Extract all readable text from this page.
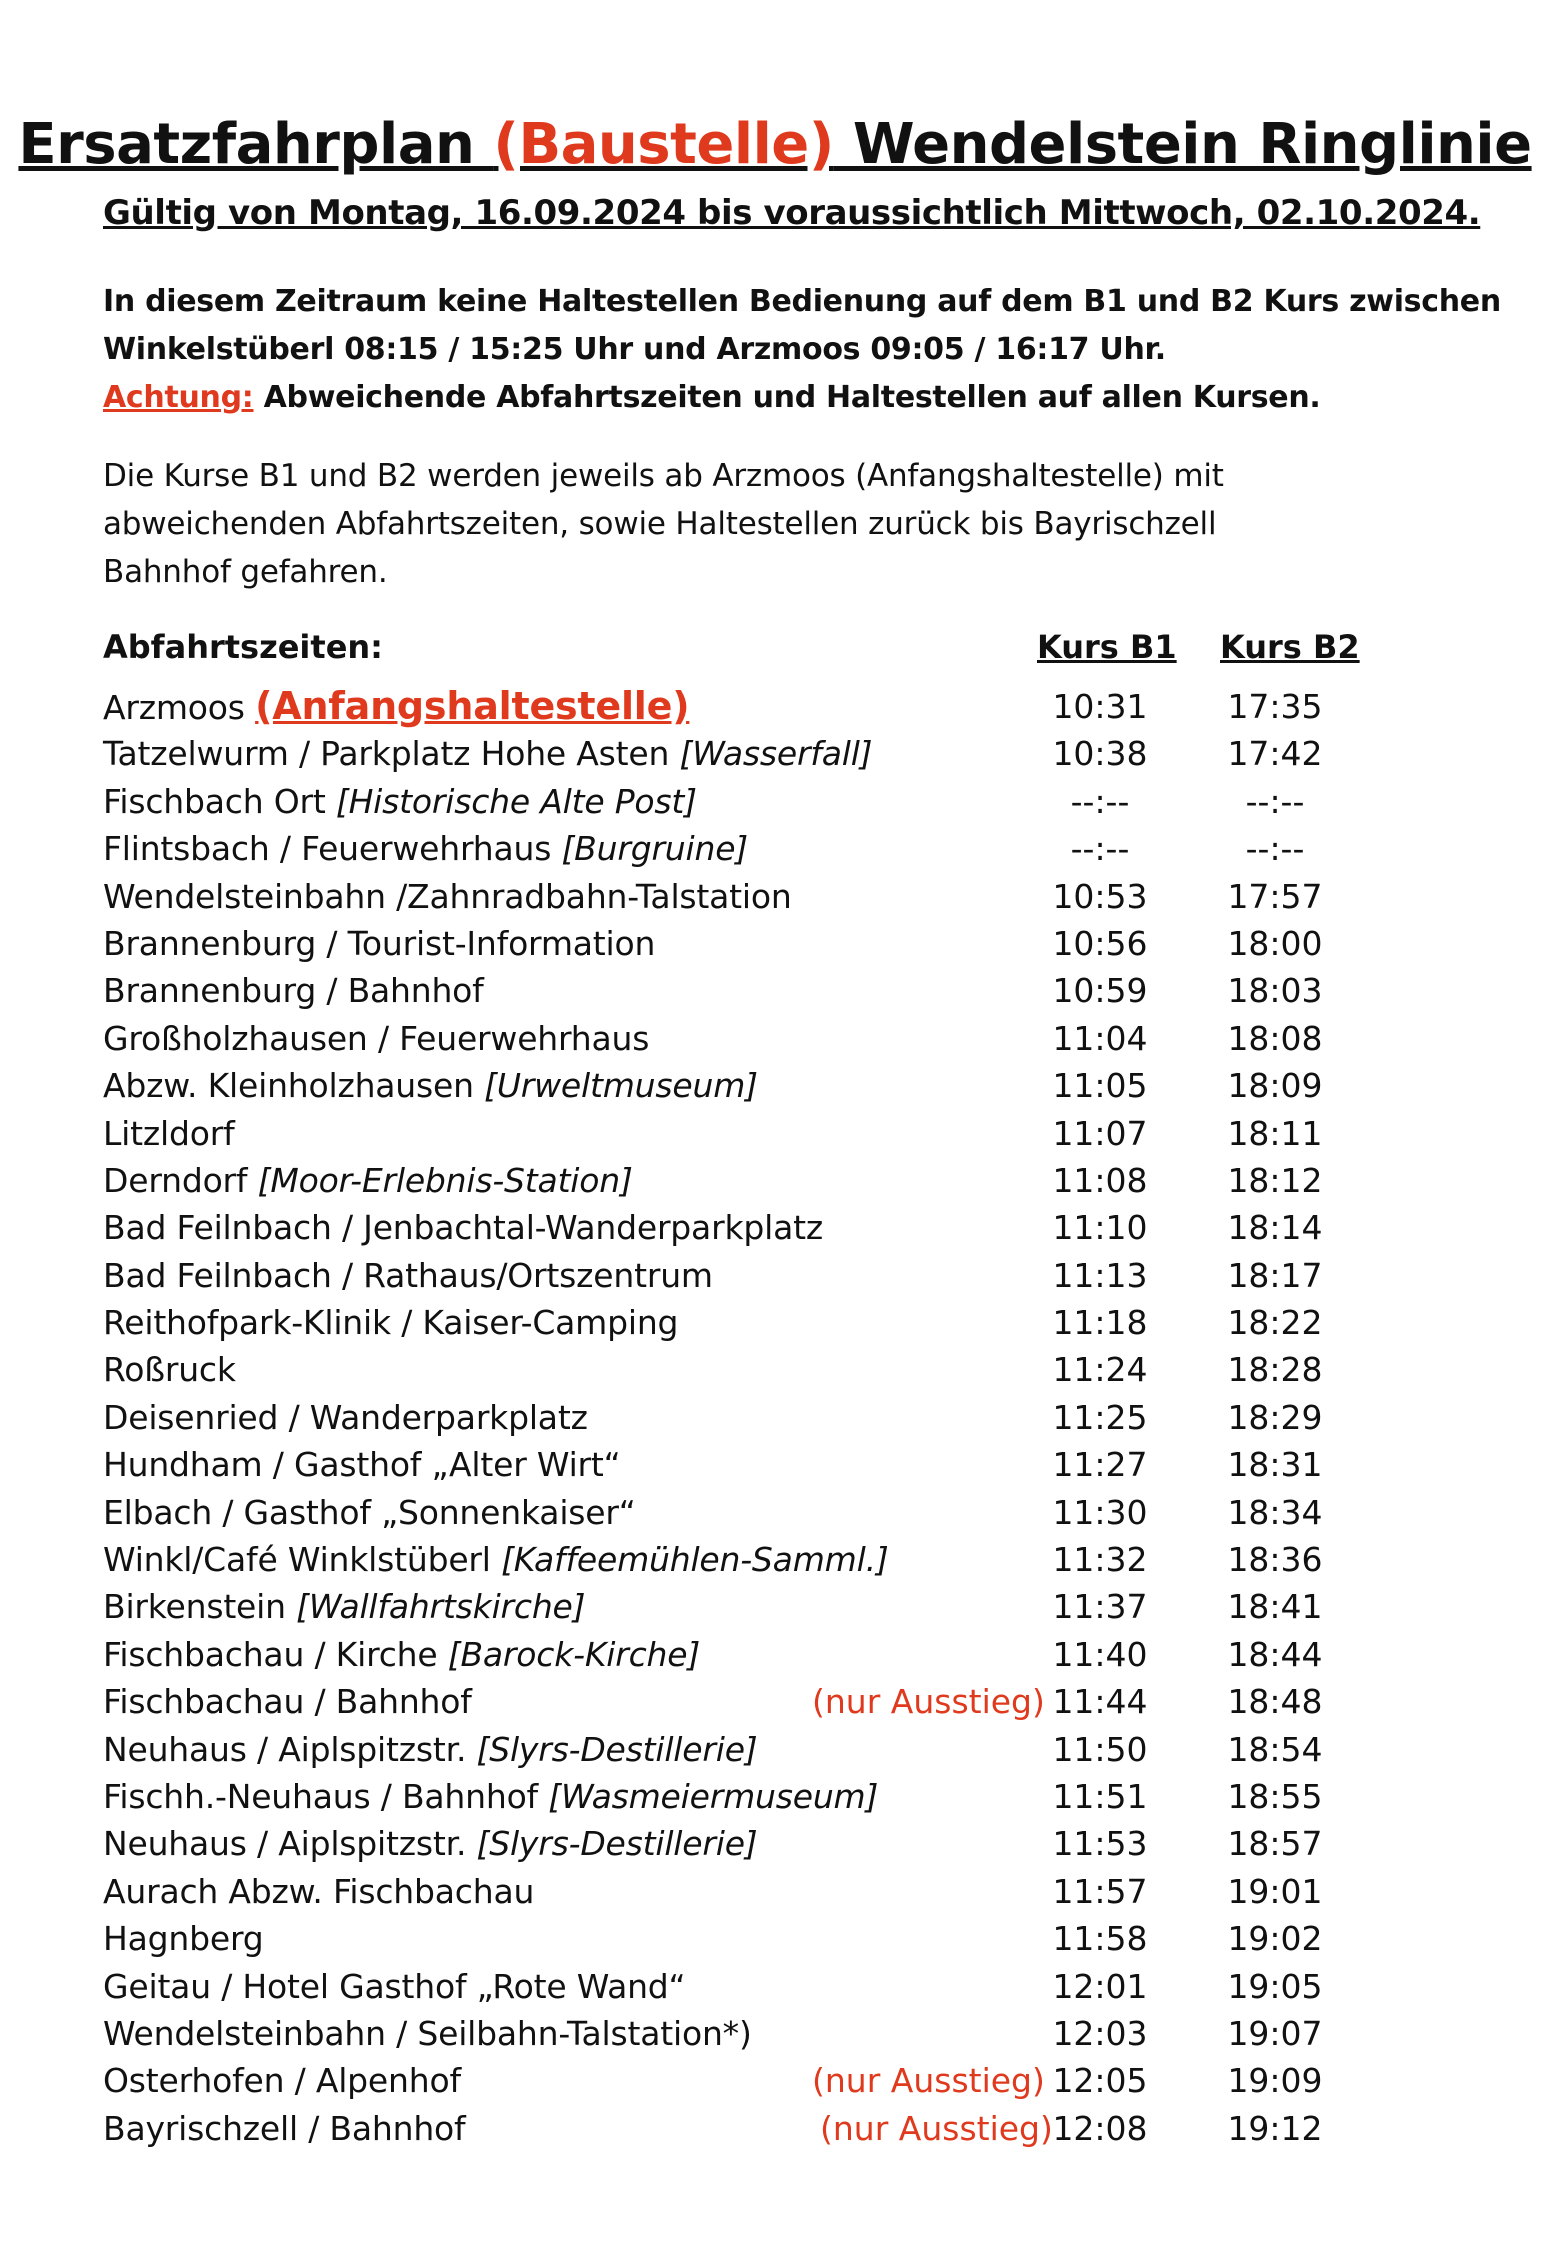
Ersatzfahrplan (Baustelle) Wendelstein Ringlinie
Gültig von Montag, 16.09.2024 bis voraussichtlich Mittwoch, 02.10.2024.
In diesem Zeitraum keine Haltestellen Bedienung auf dem B1 und B2 Kurs zwischen
Winkelstüberl 08:15 / 15:25 Uhr und Arzmoos 09:05 / 16:17 Uhr.
Achtung: Abweichende Abfahrtszeiten und Haltestellen auf allen Kursen.
Die Kurse B1 und B2 werden jeweils ab Arzmoos (Anfangshaltestelle) mit
abweichenden Abfahrtszeiten, sowie Haltestellen zurück bis Bayrischzell
Bahnhof gefahren.
Abfahrtszeiten:	Kurs B1 Kurs B2
Arzmoos (Anfangshaltestelle)	10:31	17:35
Tatzelwurm / Parkplatz Hohe Asten [Wasserfall]	10:38	17:42
Fischbach Ort [Historische Alte Post]	--:--	--:--
Flintsbach / Feuerwehrhaus [Burgruine]	--:--	--:--
Wendelsteinbahn /Zahnradbahn-Talstation	10:53	17:57
Brannenburg / Tourist-Information	10:56	18:00
Brannenburg / Bahnhof	10:59	18:03
Großholzhausen / Feuerwehrhaus	11:04	18:08
Abzw. Kleinholzhausen [Urweltmuseum]	11:05	18:09
Litzldorf	11:07	18:11
Derndorf [Moor-Erlebnis-Station]	11:08	18:12
Bad Feilnbach / Jenbachtal-Wanderparkplatz	11:10	18:14
Bad Feilnbach / Rathaus/Ortszentrum	11:13	18:17
Reithofpark-Klinik / Kaiser-Camping	11:18	18:22
Roßruck	11:24	18:28
Deisenried / Wanderparkplatz	11:25	18:29
Hundham / Gasthof „Alter Wirt“	11:27	18:31
Elbach / Gasthof „Sonnenkaiser“	11:30	18:34
Winkl/Café Winklstüberl [Kaffeemühlen-Samml.]	11:32	18:36
Birkenstein [Wallfahrtskirche]	11:37	18:41
Fischbachau / Kirche [Barock-Kirche]	11:40	18:44
Fischbachau / Bahnhof	(nur Ausstieg) 11:44	18:48
Neuhaus / Aiplspitzstr. [Slyrs-Destillerie]	11:50	18:54
Fischh.-Neuhaus / Bahnhof [Wasmeiermuseum]	11:51	18:55
Neuhaus / Aiplspitzstr. [Slyrs-Destillerie]	11:53	18:57
Aurach Abzw. Fischbachau	11:57	19:01
Hagnberg	11:58	19:02
Geitau / Hotel Gasthof „Rote Wand“	12:01	19:05
Wendelsteinbahn / Seilbahn-Talstation*)	12:03	19:07
Osterhofen / Alpenhof	(nur Ausstieg) 12:05	19:09
Bayrischzell / Bahnhof	(nur Ausstieg) 12:08	19:12
